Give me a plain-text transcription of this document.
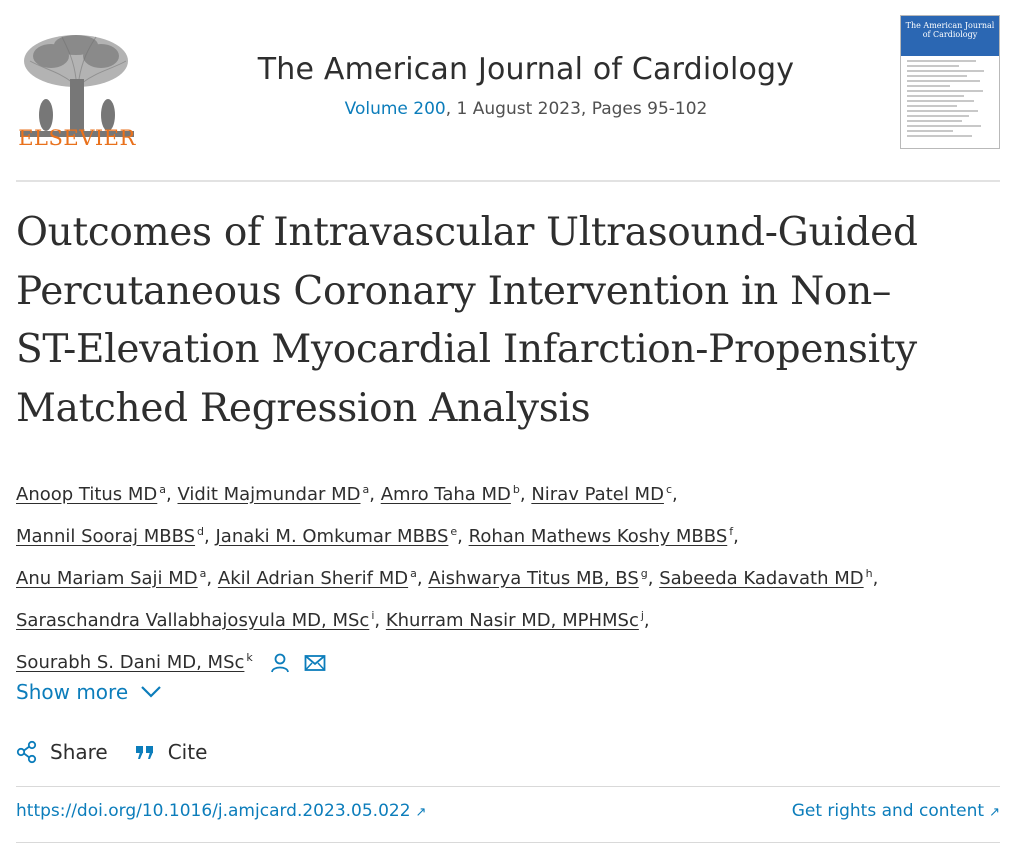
ELSEVIER
The American Journal of Cardiology
Volume 200, 1 August 2023, Pages 95-102
The American Journal of Cardiology
Outcomes of Intravascular Ultrasound-Guided
Percutaneous Coronary Intervention in Non–
ST-Elevation Myocardial Infarction-Propensity
Matched Regression Analysis
Anoop Titus MD $^a$, Vidit Majmundar MD $^a$, Amro Taha MD $^b$, Nirav Patel MD $^c$,
Mannil Sooraj MBBS $^d$, Janaki M. Omkumar MBBS $^e$, Rohan Mathews Koshy MBBS $^f$,
Anu Mariam Saji MD $^a$, Akil Adrian Sherif MD $^a$, Aishwarya Titus MB, BS $^g$, Sabeeda Kadavath MD $^h$,
Saraschandra Vallabhajosyula MD, MSc $^i$, Khurram Nasir MD, MPHMSc $^j$,
Sourabh S. Dani MD, MSc $^k$
Show more
Share	Cite
https://doi.org/10.1016/j.amjcard.2023.05.022 ↗	Get rights and content ↗
